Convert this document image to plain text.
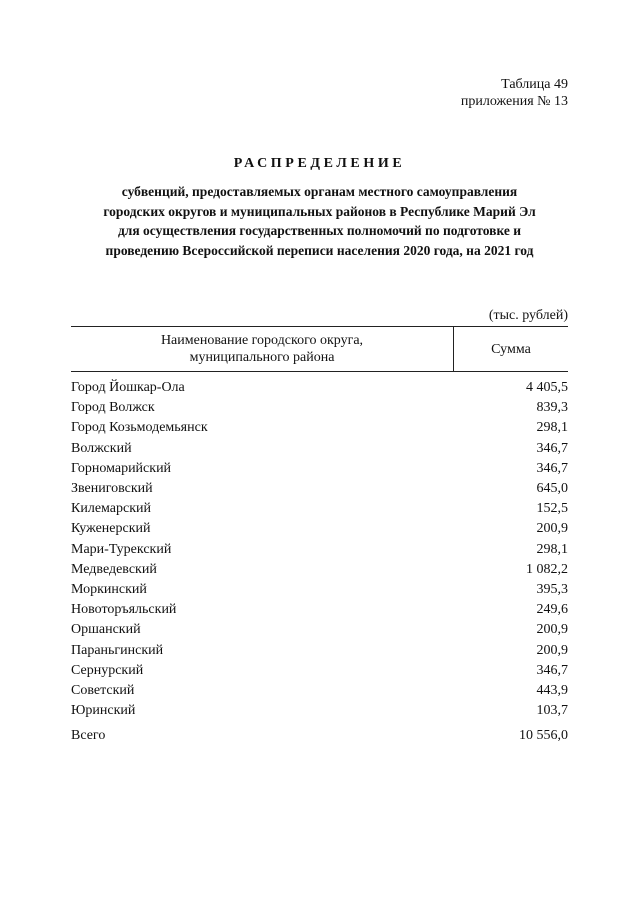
Таблица 49
приложения № 13
РАСПРЕДЕЛЕНИЕ
субвенций, предоставляемых органам местного самоуправления
городских округов и муниципальных районов в Республике Марий Эл
для осуществления государственных полномочий по подготовке и
проведению Всероссийской переписи населения 2020 года, на 2021 год
(тыс. рублей)
Наименование городского округа,
муниципального района	Сумма
Город Йошкар-Ола	4 405,5
Город Волжск	839,3
Город Козьмодемьянск	298,1
Волжский	346,7
Горномарийский	346,7
Звениговский	645,0
Килемарский	152,5
Куженерский	200,9
Мари-Турекский	298,1
Медведевский	1 082,2
Моркинский	395,3
Новоторъяльский	249,6
Оршанский	200,9
Параньгинский	200,9
Сернурский	346,7
Советский	443,9
Юринский	103,7
Всего	10 556,0
